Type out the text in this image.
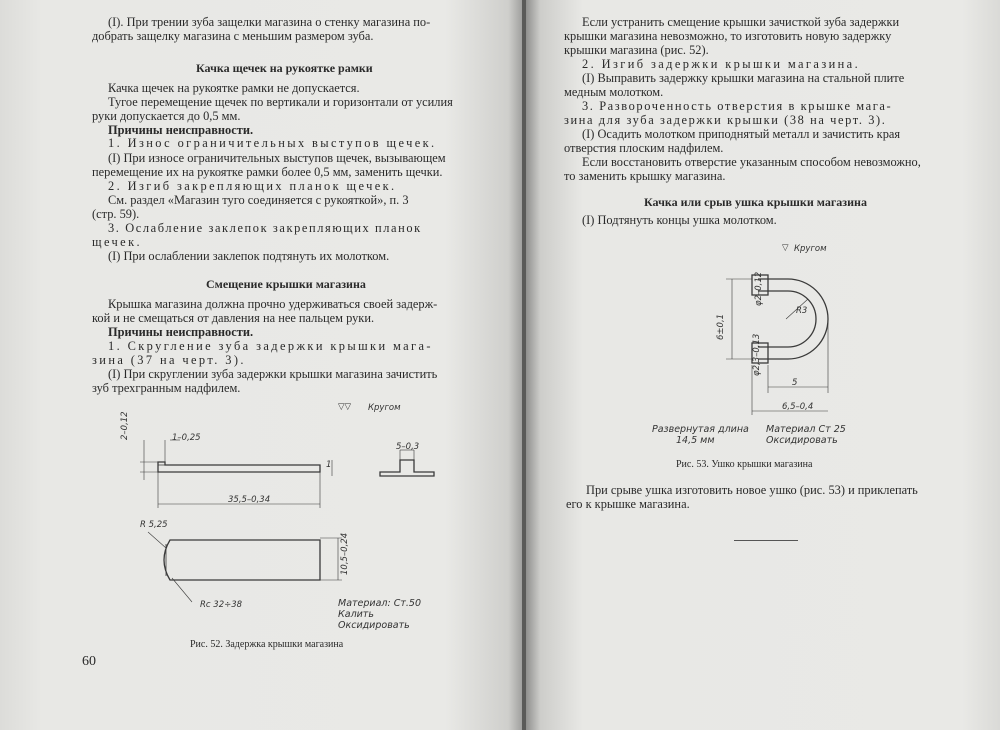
(I). При трении зуба защелки магазина о стенку магазина по-
добрать защелку магазина с меньшим размером зуба.
Качка щечек на рукоятке рамки
Качка щечек на рукоятке рамки не допускается.
Тугое перемещение щечек по вертикали и горизонтали от усилия
руки допускается до 0,5 мм.
Причины неисправности.
1. Износ ограничительных выступов щечек.
(I) При износе ограничительных выступов щечек, вызывающем
перемещение их на рукоятке рамки более 0,5 мм, заменить щечки.
2. Изгиб закрепляющих планок щечек.
См. раздел «Магазин туго соединяется с рукояткой», п. 3
(стр. 59).
3. Ослабление заклепок закрепляющих планок
щечек.
(I) При ослаблении заклепок подтянуть их молотком.
Смещение крышки магазина
Крышка магазина должна прочно удерживаться своей задерж-
кой и не смещаться от давления на нее пальцем руки.
Причины неисправности.
1. Скругление зуба задержки крышки мага-
зина (37 на черт. 3).
(I) При скруглении зуба задержки крышки магазина зачистить
зуб трехгранным надфилем.
Кругом
▽▽
2–0,12	1–0,25
1
5–0,3
35,5–0,34
R 5,25
10,5–0,24
Rc 32÷38	Материал: Ст.50
Калить
Оксидировать
Рис. 52. Задержка крышки магазина
60
Если устранить смещение крышки зачисткой зуба задержки
крышки магазина невозможно, то изготовить новую задержку
крышки магазина (рис. 52).
2. Изгиб задержки крышки магазина.
(I) Выправить задержку крышки магазина на стальной плите
медным молотком.
3. Развороченность отверстия в крышке мага-
зина для зуба задержки крышки (38 на черт. 3).
(I) Осадить молотком приподнятый металл и зачистить края
отверстия плоским надфилем.
Если восстановить отверстие указанным способом невозможно,
то заменить крышку магазина.
Качка или срыв ушка крышки магазина
(I) Подтянуть концы ушка молотком.
Кругом
▽
φ2–0,12
6±0,1
R3
φ2,3–0,13
5
6,5–0,4
Развернутая длина
14,5 мм
Материал Ст 25
Оксидировать
Рис. 53. Ушко крышки магазина
При срыве ушка изготовить новое ушко (рис. 53) и приклепать
его к крышке магазина.
